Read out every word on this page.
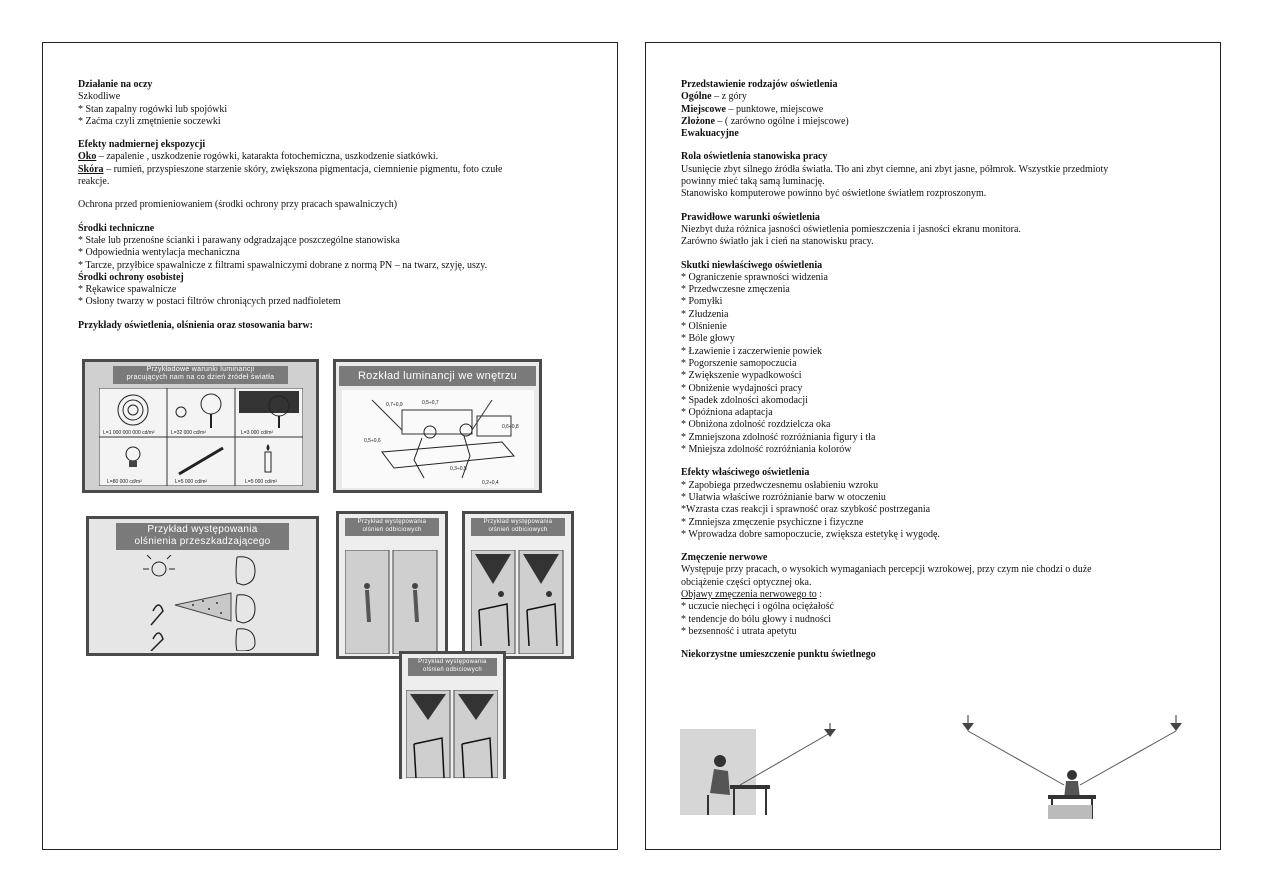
Działanie na oczy

Szkodliwe

* Stan zapalny rogówki lub spojówki

* Zaćma czyli zmętnienie soczewki

Efekty nadmiernej ekspozycji

Oko – zapalenie , uszkodzenie rogówki, katarakta fotochemiczna, uszkodzenie siatkówki.

Skóra – rumień, przyspieszone starzenie skóry, zwiększona pigmentacja, ciemnienie pigmentu, foto czułe

reakcje.

Ochrona przed promieniowaniem (środki ochrony przy pracach spawalniczych)

Środki techniczne

* Stałe lub przenośne ścianki i parawany odgradzające poszczególne stanowiska

* Odpowiednia wentylacja mechaniczna

* Tarcze, przyłbice spawalnicze z filtrami spawalniczymi dobrane z normą PN – na twarz, szyję, uszy.

Środki ochrony osobistej

* Rękawice spawalnicze

* Osłony twarzy w postaci filtrów chroniących przed nadfioletem

Przykłady oświetlenia, olśnienia oraz stosowania barw:

Przykładowe warunki luminancji
pracujących nam na co dzień źródeł światła
L=1 000 000 000 cd/m²	L=32 000 cd/m²	L=3 000 cd/m²
L=80 000 cd/m²	L=5 000 cd/m²	L=5 000 cd/m²
Rozkład luminancji we wnętrzu
0,7÷0,9	0,5÷0,7
0,6÷0,8
0,5÷0,6
0,3÷0,5
0,2÷0,4
Przykład występowania
olśnienia przeszkadzającego
Przykład występowania
olśnień odbiciowych
Przykład występowania
olśnień odbiciowych
Przykład występowania
olśnień odbiciowych

Przedstawienie rodzajów oświetlenia

Ogólne – z góry

Miejscowe – punktowe, miejscowe

Złożone – ( zarówno ogólne i miejscowe)

Ewakuacyjne

Rola oświetlenia stanowiska pracy

Usunięcie zbyt silnego źródła światła. Tło ani zbyt ciemne, ani zbyt jasne, półmrok. Wszystkie przedmioty

powinny mieć taką samą luminację.

Stanowisko komputerowe powinno być oświetlone światłem rozproszonym.

Prawidłowe warunki oświetlenia

Niezbyt duża różnica jasności oświetlenia pomieszczenia i jasności ekranu monitora.

Zarówno światło jak i cień na stanowisku pracy.

Skutki niewłaściwego oświetlenia

* Ograniczenie sprawności widzenia

* Przedwczesne zmęczenia

* Pomyłki

* Złudzenia

* Olśnienie

* Bóle głowy

* Łzawienie i zaczerwienie powiek

* Pogorszenie samopoczucia

* Zwiększenie wypadkowości

* Obniżenie wydajności pracy

* Spadek zdolności akomodacji

* Opóźniona adaptacja

* Obniżona zdolność rozdzielcza oka

* Zmniejszona zdolność rozróżniania figury i tła

* Mniejsza zdolność rozróżniania kolorów

Efekty właściwego oświetlenia

* Zapobiega przedwczesnemu osłabieniu wzroku

* Ułatwia właściwe rozróżnianie barw w otoczeniu

*Wzrasta czas reakcji i sprawność oraz szybkość postrzegania

* Zmniejsza zmęczenie psychiczne i fizyczne

* Wprowadza dobre samopoczucie, zwiększa estetykę i wygodę.

Zmęczenie nerwowe

Występuje przy pracach, o wysokich wymaganiach percepcji wzrokowej, przy czym nie chodzi o duże

obciążenie części optycznej oka.

Objawy zmęczenia nerwowego to :

* uczucie niechęci i ogólna ociężałość

* tendencje do bólu głowy i nudności

* bezsenność i utrata apetytu

Niekorzystne umieszczenie punktu świetlnego
